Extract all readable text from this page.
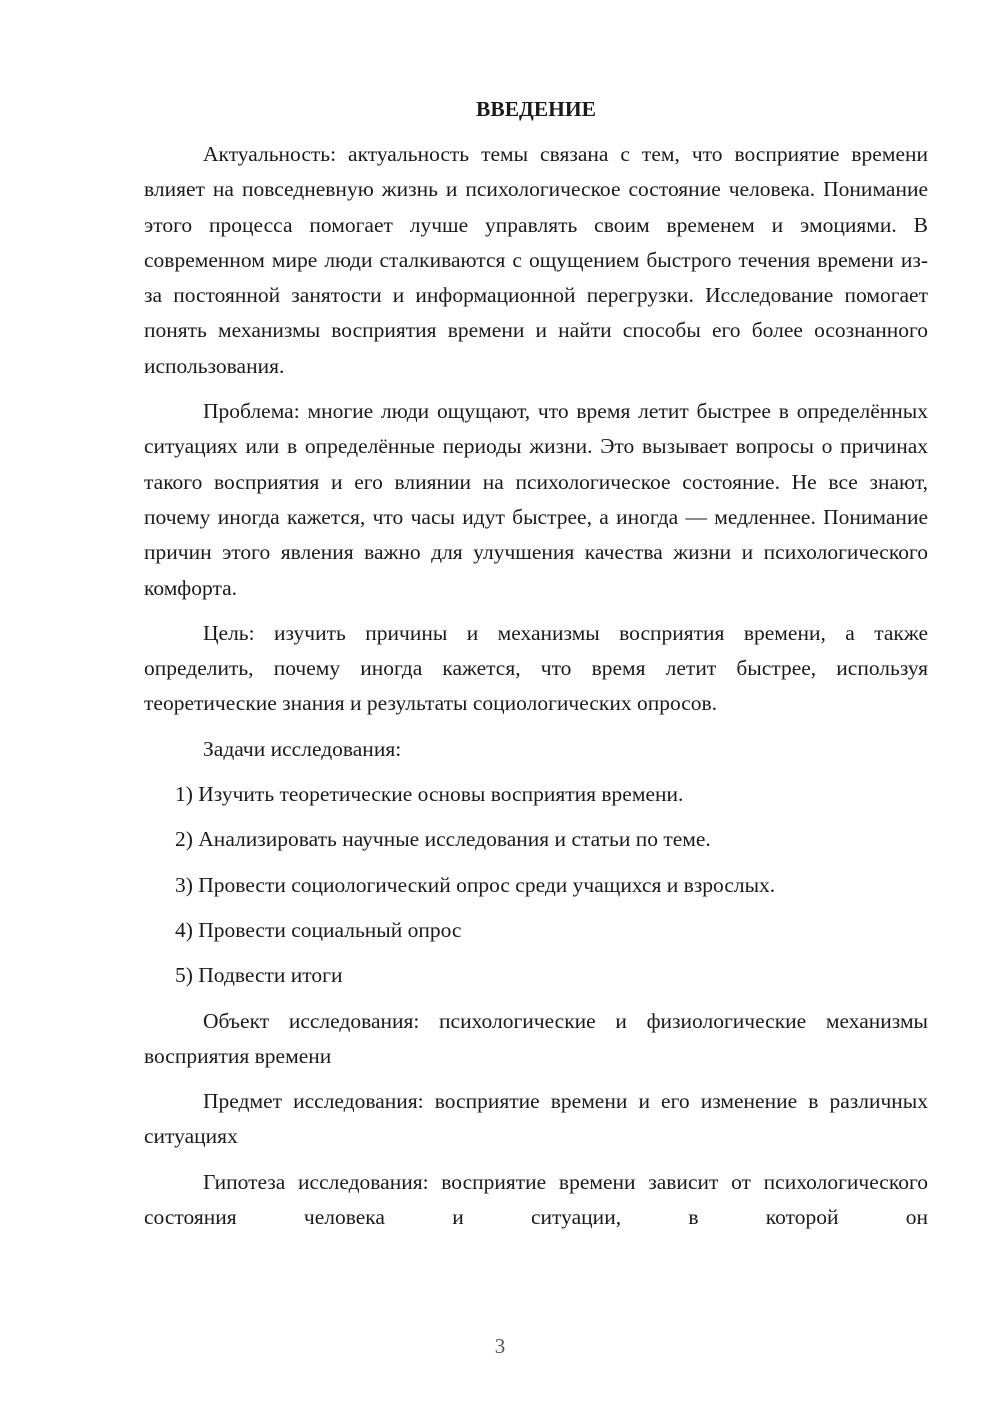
ВВЕДЕНИЕ

Актуальность: актуальность темы связана с тем, что восприятие времени влияет на повседневную жизнь и психологическое состояние человека. Понимание этого процесса помогает лучше управлять своим временем и эмоциями. В современном мире люди сталкиваются с ощущением быстрого течения времени из-за постоянной занятости и информационной перегрузки. Исследование помогает понять механизмы восприятия времени и найти способы его более осознанного использования.

Проблема: многие люди ощущают, что время летит быстрее в определённых ситуациях или в определённые периоды жизни. Это вызывает вопросы о причинах такого восприятия и его влиянии на психологическое состояние. Не все знают, почему иногда кажется, что часы идут быстрее, а иногда — медленнее. Понимание причин этого явления важно для улучшения качества жизни и психологического комфорта.

Цель: изучить причины и механизмы восприятия времени, а также определить, почему иногда кажется, что время летит быстрее, используя теоретические знания и результаты социологических опросов.

Задачи исследования:

1) Изучить теоретические основы восприятия времени.

2) Анализировать научные исследования и статьи по теме.

3) Провести социологический опрос среди учащихся и взрослых.

4) Провести социальный опрос

5) Подвести итоги

Объект исследования: психологические и физиологические механизмы восприятия времени

Предмет исследования: восприятие времени и его изменение в различных ситуациях

Гипотеза исследования: восприятие времени зависит от психологического состояния человека и ситуации, в которой он

3
